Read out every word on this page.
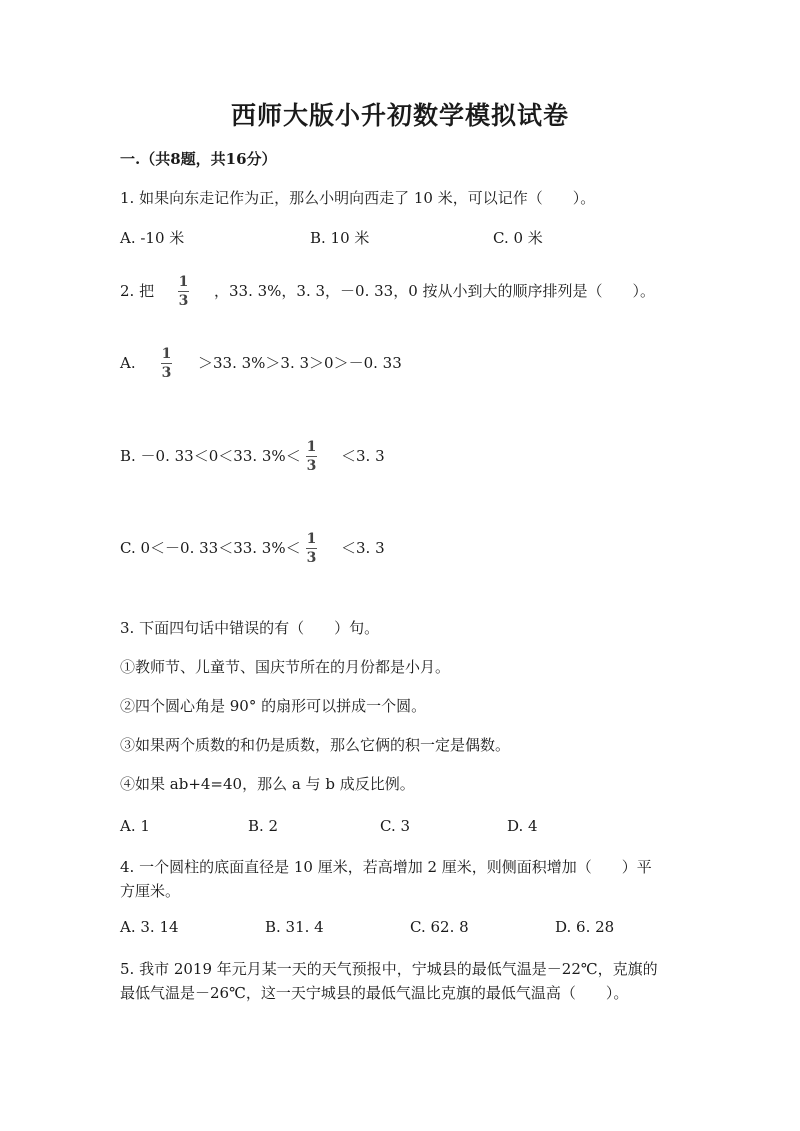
西师大版小升初数学模拟试卷
一.（共8题，共16分）
1. 如果向东走记作为正，那么小明向西走了 10 米，可以记作（　　）。
A. -10 米	B. 10 米	C. 0 米
2. 把 1
3
，33. 3%，3. 3，－0. 33，0 按从小到大的顺序排列是（　　）。
A. 1
3
＞33. 3%＞3. 3＞0＞－0. 33
B. －0. 33＜0＜33. 3%＜ 1
3
＜3. 3
C. 0＜－0. 33＜33. 3%＜ 1
3
＜3. 3
3. 下面四句话中错误的有（　　）句。
①教师节、儿童节、国庆节所在的月份都是小月。
②四个圆心角是 90° 的扇形可以拼成一个圆。
③如果两个质数的和仍是质数，那么它俩的积一定是偶数。
④如果 ab+4=40，那么 a 与 b 成反比例。
A. 1	B. 2	C. 3	D. 4
4. 一个圆柱的底面直径是 10 厘米，若高增加 2 厘米，则侧面积增加（　　）平
方厘米。
A. 3. 14	B. 31. 4	C. 62. 8	D. 6. 28
5. 我市 2019 年元月某一天的天气预报中，宁城县的最低气温是－22℃，克旗的
最低气温是－26℃，这一天宁城县的最低气温比克旗的最低气温高（　　）。
